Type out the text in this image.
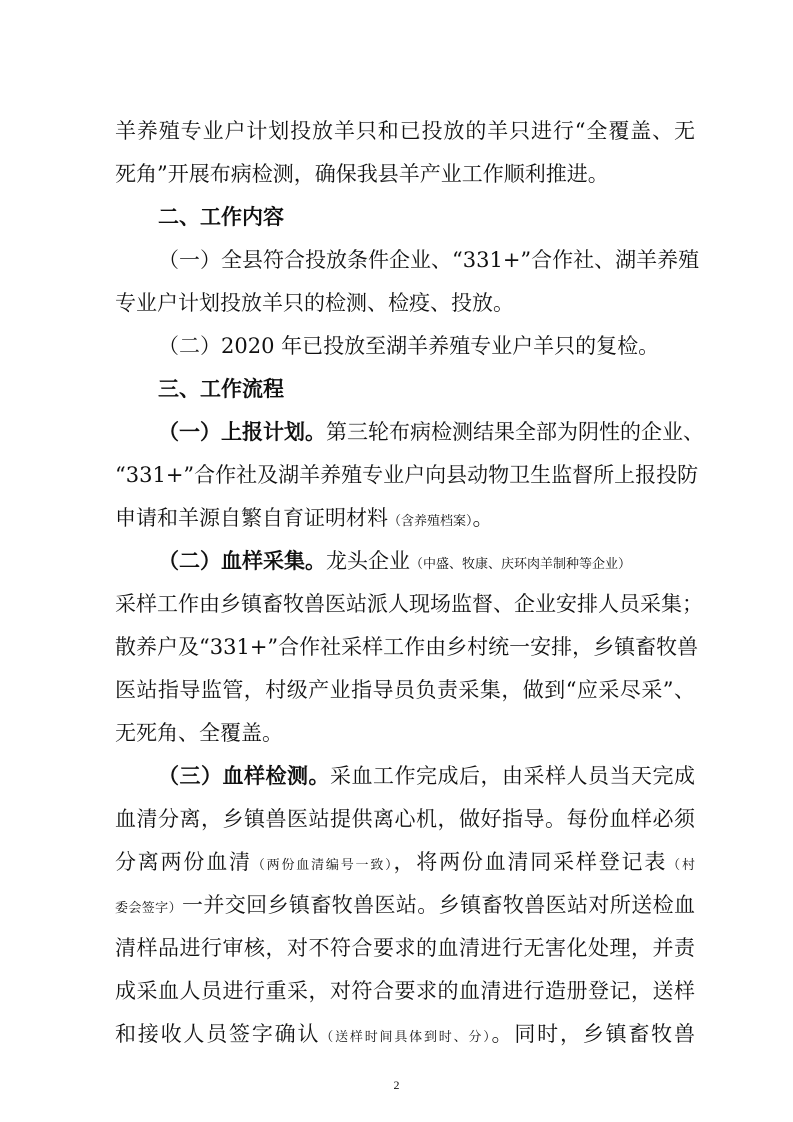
羊养殖专业户计划投放羊只和已投放的羊只进行“全覆盖、无
死角”开展布病检测，确保我县羊产业工作顺利推进。
二、工作内容
（一）全县符合投放条件企业、“331+”合作社、湖羊养殖
专业户计划投放羊只的检测、检疫、投放。
（二）2020 年已投放至湖羊养殖专业户羊只的复检。
三、工作流程
（一）上报计划。第三轮布病检测结果全部为阴性的企业、
“331+”合作社及湖羊养殖专业户向县动物卫生监督所上报投防
申请和羊源自繁自育证明材料（含养殖档案）。
（二）血样采集。龙头企业（中盛、牧康、庆环肉羊制种等企业）
采样工作由乡镇畜牧兽医站派人现场监督、企业安排人员采集；
散养户及“331+”合作社采样工作由乡村统一安排，乡镇畜牧兽
医站指导监管，村级产业指导员负责采集，做到“应采尽采”、
无死角、全覆盖。
（三）血样检测。采血工作完成后，由采样人员当天完成
血清分离，乡镇兽医站提供离心机，做好指导。每份血样必须
分离两份血清（两份血清编号一致），将两份血清同采样登记表（村
委会签字）一并交回乡镇畜牧兽医站。乡镇畜牧兽医站对所送检血
清样品进行审核，对不符合要求的血清进行无害化处理，并责
成采血人员进行重采，对符合要求的血清进行造册登记，送样
和接收人员签字确认（送样时间具体到时、分）。同时，乡镇畜牧兽
2
